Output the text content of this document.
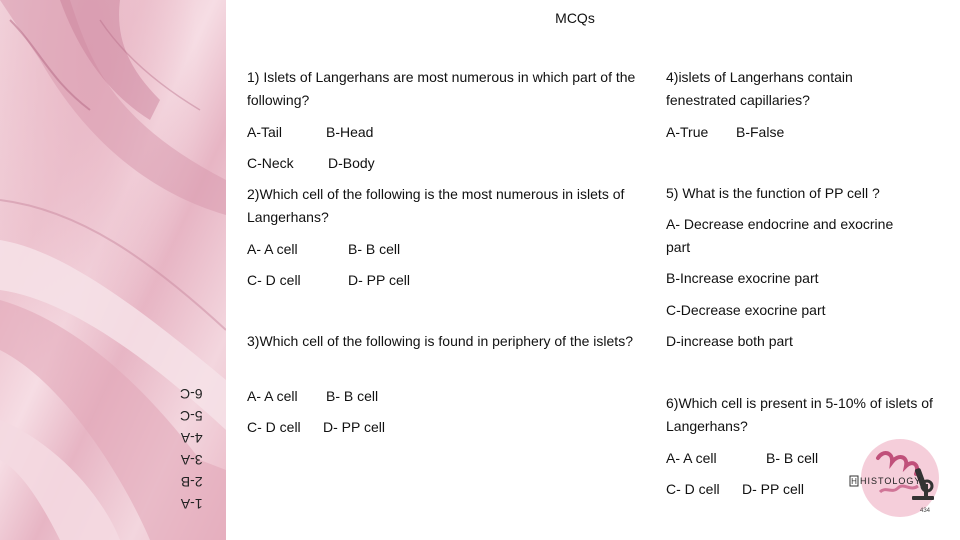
1-A
2-B
3-A
4-A
5-C
6-C
MCQs
1) Islets of Langerhans are most numerous in which part of the following?
A-Tail	B-Head
C-Neck D-Body
2)Which cell of the following is the most numerous in islets of Langerhans?
A- A cell	B- B cell
C- D cell	D- PP cell
3)Which cell of the following is found in periphery of the islets?
A- A cell B- B cell
C- D cell D- PP cell
4)islets of Langerhans contain fenestrated capillaries?
A-True B-False
5) What is the function of PP cell ?
A- Decrease endocrine and exocrine part
B-Increase exocrine part
C-Decrease exocrine part
D-increase both part
6)Which cell is present in 5-10% of islets of Langerhans?
A- A cell	B- B cell
C- D cell D- PP cell	H HISTOLOGY
434
